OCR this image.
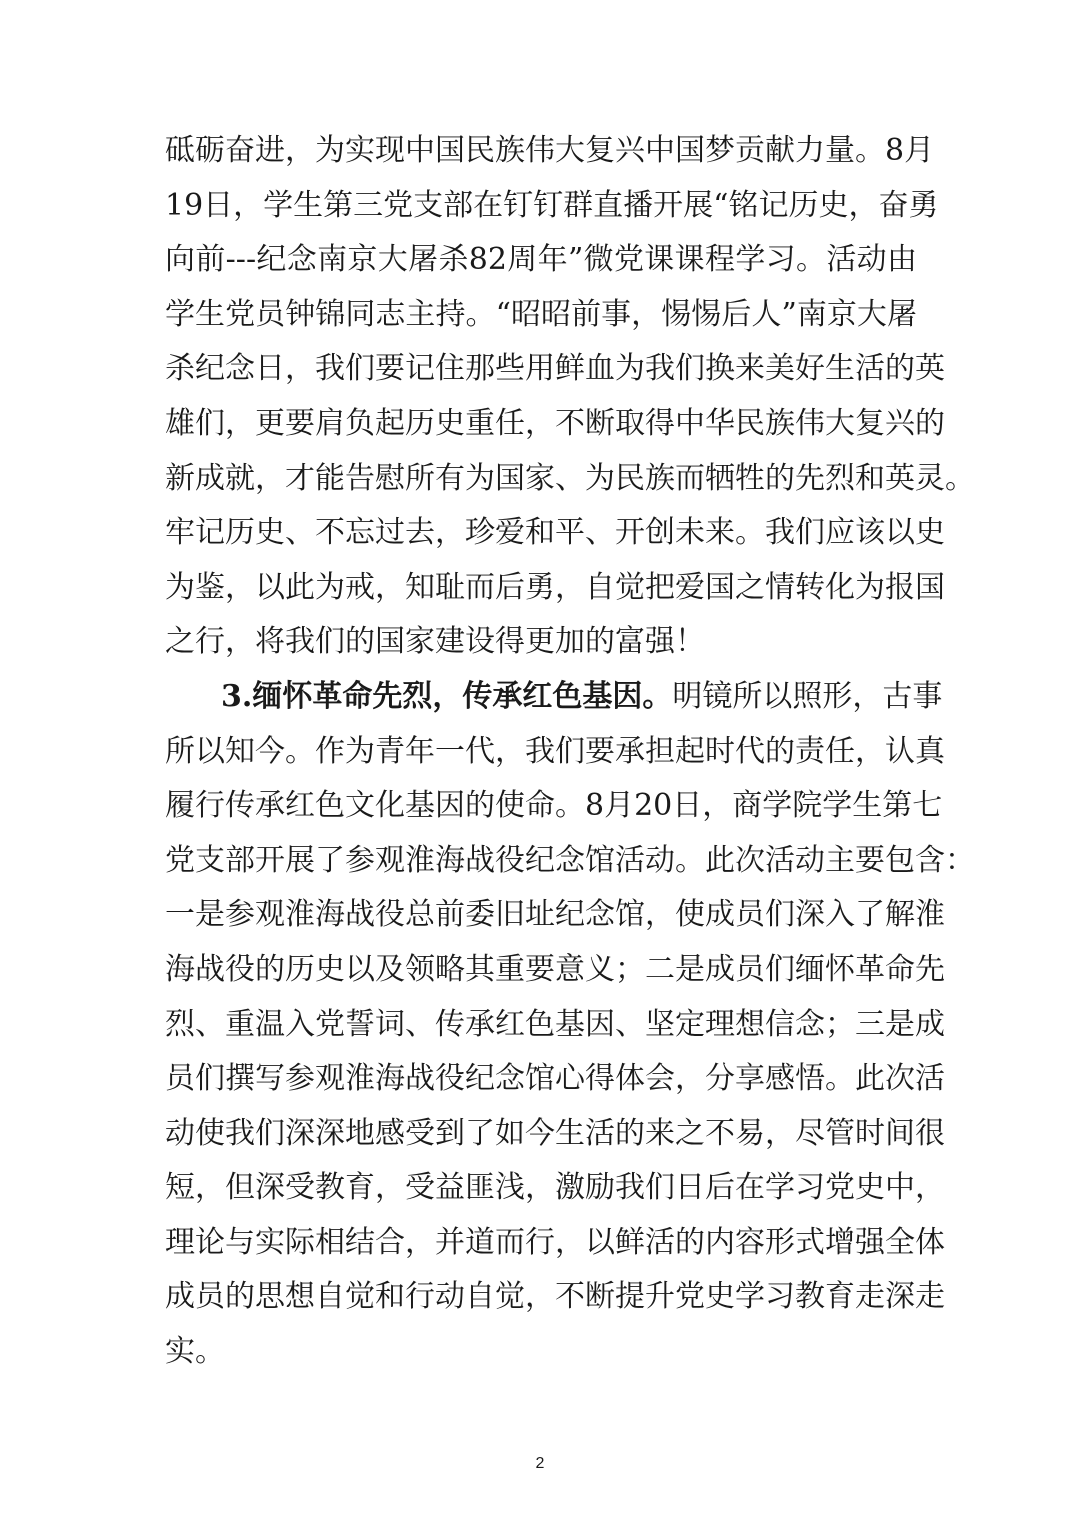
砥砺奋进，为实现中国民族伟大复兴中国梦贡献力量。8月
19日，学生第三党支部在钉钉群直播开展“铭记历史，奋勇
向前---纪念南京大屠杀82周年”微党课课程学习。活动由
学生党员钟锦同志主持。“昭昭前事，惕惕后人”南京大屠
杀纪念日，我们要记住那些用鲜血为我们换来美好生活的英
雄们，更要肩负起历史重任，不断取得中华民族伟大复兴的
新成就，才能告慰所有为国家、为民族而牺牲的先烈和英灵。
牢记历史、不忘过去，珍爱和平、开创未来。我们应该以史
为鉴，以此为戒，知耻而后勇，自觉把爱国之情转化为报国
之行，将我们的国家建设得更加的富强！
3.缅怀革命先烈，传承红色基因。明镜所以照形，古事
所以知今。作为青年一代，我们要承担起时代的责任，认真
履行传承红色文化基因的使命。8月20日，商学院学生第七
党支部开展了参观淮海战役纪念馆活动。此次活动主要包含：
一是参观淮海战役总前委旧址纪念馆，使成员们深入了解淮
海战役的历史以及领略其重要意义；二是成员们缅怀革命先
烈、重温入党誓词、传承红色基因、坚定理想信念；三是成
员们撰写参观淮海战役纪念馆心得体会，分享感悟。此次活
动使我们深深地感受到了如今生活的来之不易，尽管时间很
短，但深受教育，受益匪浅，激励我们日后在学习党史中，
理论与实际相结合，并道而行，以鲜活的内容形式增强全体
成员的思想自觉和行动自觉，不断提升党史学习教育走深走
实。
2
